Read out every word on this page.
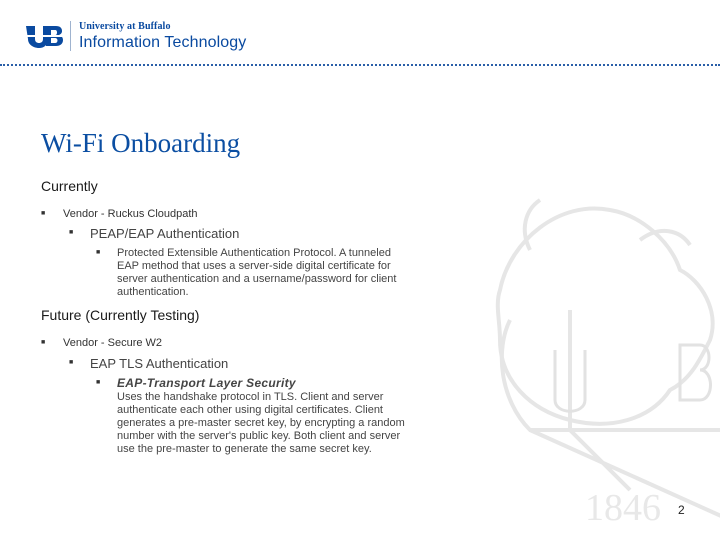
University at Buffalo
Information Technology
1846
Wi-Fi Onboarding
Currently
■ Vendor - Ruckus Cloudpath
■ PEAP/EAP Authentication
■ Protected Extensible Authentication Protocol. A tunneled EAP method that uses a server-side digital certificate for server authentication and a username/password for client authentication.
Future (Currently Testing)
■ Vendor - Secure W2
■ EAP TLS Authentication
■ EAP-Transport Layer Security
Uses the handshake protocol in TLS. Client and server authenticate each other using digital certificates. Client generates a pre-master secret key, by encrypting a random number with the server's public key. Both client and server use the pre-master to generate the same secret key.
2
